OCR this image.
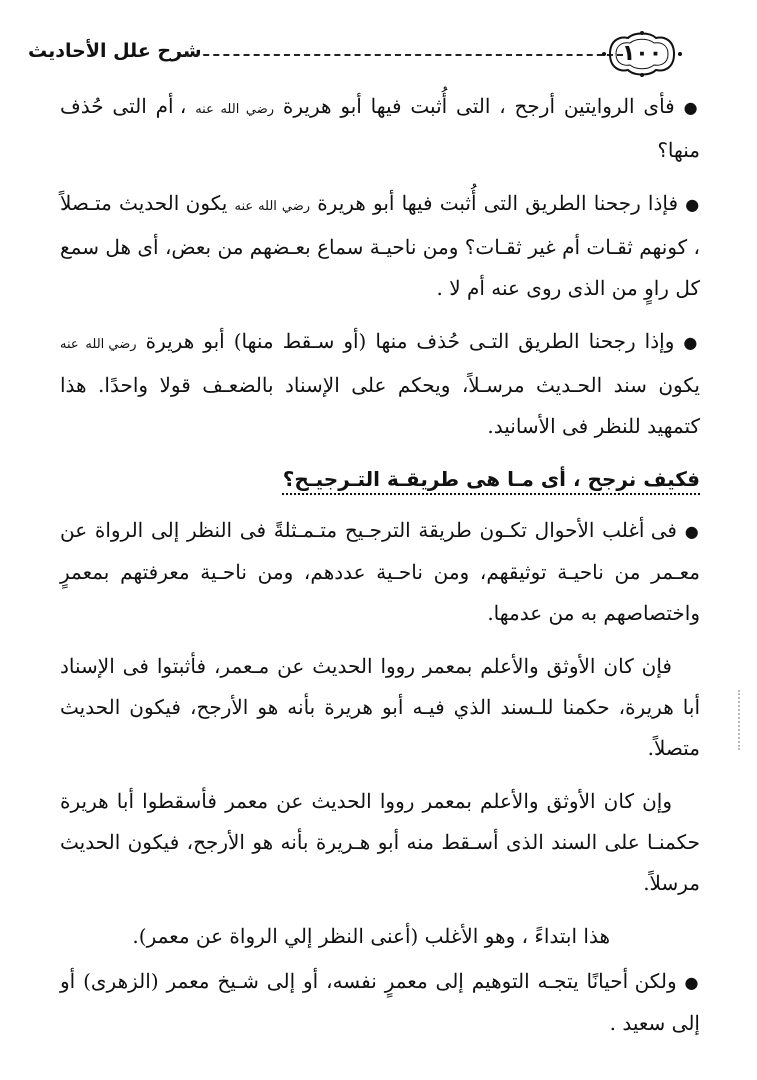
شرح علل الأحاديث	١٠٠

● فأى الروايتين أرجح ، التى أُثبت فيها أبو هريرة رضي الله عنه ، أم التى حُذف منها؟

● فإذا رجحنا الطريق التى أُثبت فيها أبو هريرة رضي الله عنه يكون الحديث متـصلاً ، كونهم ثقـات أم غير ثقـات؟ ومن ناحيـة سماع بعـضهم من بعض، أى هل سمع كل راوٍ من الذى روى عنه أم لا .

● وإذا رجحنا الطريق التـى حُذف منها (أو سـقط منها) أبو هريرة رضي الله عنه يكون سند الحـديث مرسـلاً، ويحكم على الإسناد بالضعـف قولا واحدًا. هذا كتمهيد للنظر فى الأسانيد.

فكيف نرجح ، أى مـا هى طريقـة التـرجيـح؟

● فى أغلب الأحوال تكـون طريقة الترجـيح متـمـثلةً فى النظر إلى الرواة عن معـمر من ناحيـة توثيقهم، ومن ناحـية عددهم، ومن ناحـية معرفتهم بمعمرٍ واختصاصهم به من عدمها.

فإن كان الأوثق والأعلم بمعمر رووا الحديث عن مـعمر، فأثبتوا فى الإسناد أبا هريرة، حكمنا للـسند الذي فيـه أبو هريرة بأنه هو الأرجح، فيكون الحديث متصلاً.

وإن كان الأوثق والأعلم بمعمر رووا الحديث عن معمر فأسقطوا أبا هريرة حكمنـا على السند الذى أسـقط منه أبو هـريرة بأنه هو الأرجح، فيكون الحديث مرسلاً.

هذا ابتداءً ، وهو الأغلب (أعنى النظر إلي الرواة عن معمر).

● ولكن أحيانًا يتجـه التوهيم إلى معمرٍ نفسه، أو إلى شـيخ معمر (الزهرى) أو إلى سعيد .
